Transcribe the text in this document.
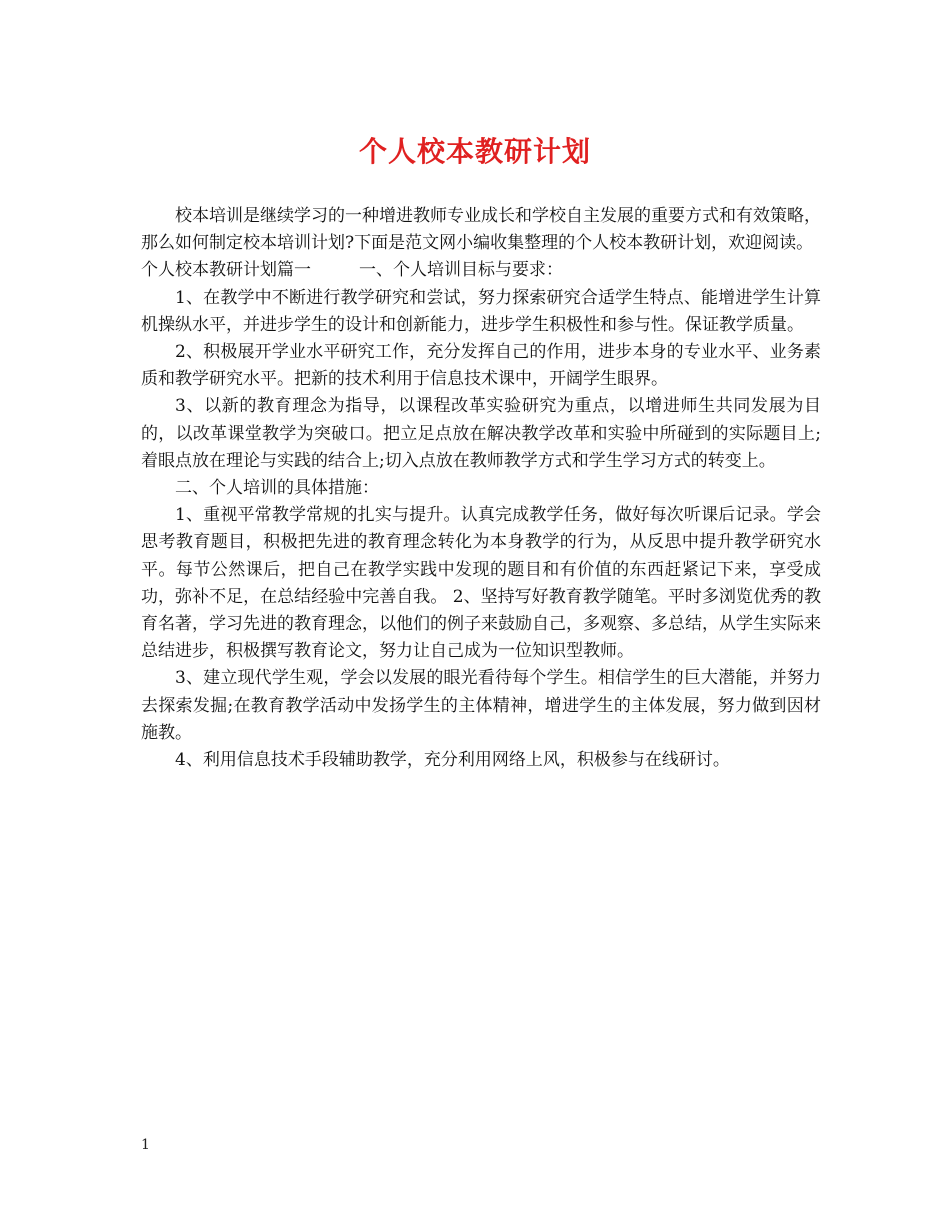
个人校本教研计划

校本培训是继续学习的一种增进教师专业成长和学校自主发展的重要方式和有效策略，那么如何制定校本培训计划?下面是范文网小编收集整理的个人校本教研计划，欢迎阅读。

个人校本教研计划篇一	一、个人培训目标与要求：

1、在教学中不断进行教学研究和尝试，努力探索研究合适学生特点、能增进学生计算机操纵水平，并进步学生的设计和创新能力，进步学生积极性和参与性。保证教学质量。

2、积极展开学业水平研究工作，充分发挥自己的作用，进步本身的专业水平、业务素质和教学研究水平。把新的技术利用于信息技术课中，开阔学生眼界。

3、以新的教育理念为指导，以课程改革实验研究为重点，以增进师生共同发展为目的，以改革课堂教学为突破口。把立足点放在解决教学改革和实验中所碰到的实际题目上;着眼点放在理论与实践的结合上;切入点放在教师教学方式和学生学习方式的转变上。

二、个人培训的具体措施：

1、重视平常教学常规的扎实与提升。认真完成教学任务，做好每次听课后记录。学会思考教育题目，积极把先进的教育理念转化为本身教学的行为，从反思中提升教学研究水平。每节公然课后，把自己在教学实践中发现的题目和有价值的东西赶紧记下来，享受成功，弥补不足，在总结经验中完善自我。 2、坚持写好教育教学随笔。平时多浏览优秀的教育名著，学习先进的教育理念，以他们的例子来鼓励自己，多观察、多总结，从学生实际来总结进步，积极撰写教育论文，努力让自己成为一位知识型教师。

3、建立现代学生观，学会以发展的眼光看待每个学生。相信学生的巨大潜能，并努力去探索发掘;在教育教学活动中发扬学生的主体精神，增进学生的主体发展，努力做到因材施教。

4、利用信息技术手段辅助教学，充分利用网络上风，积极参与在线研讨。

1
